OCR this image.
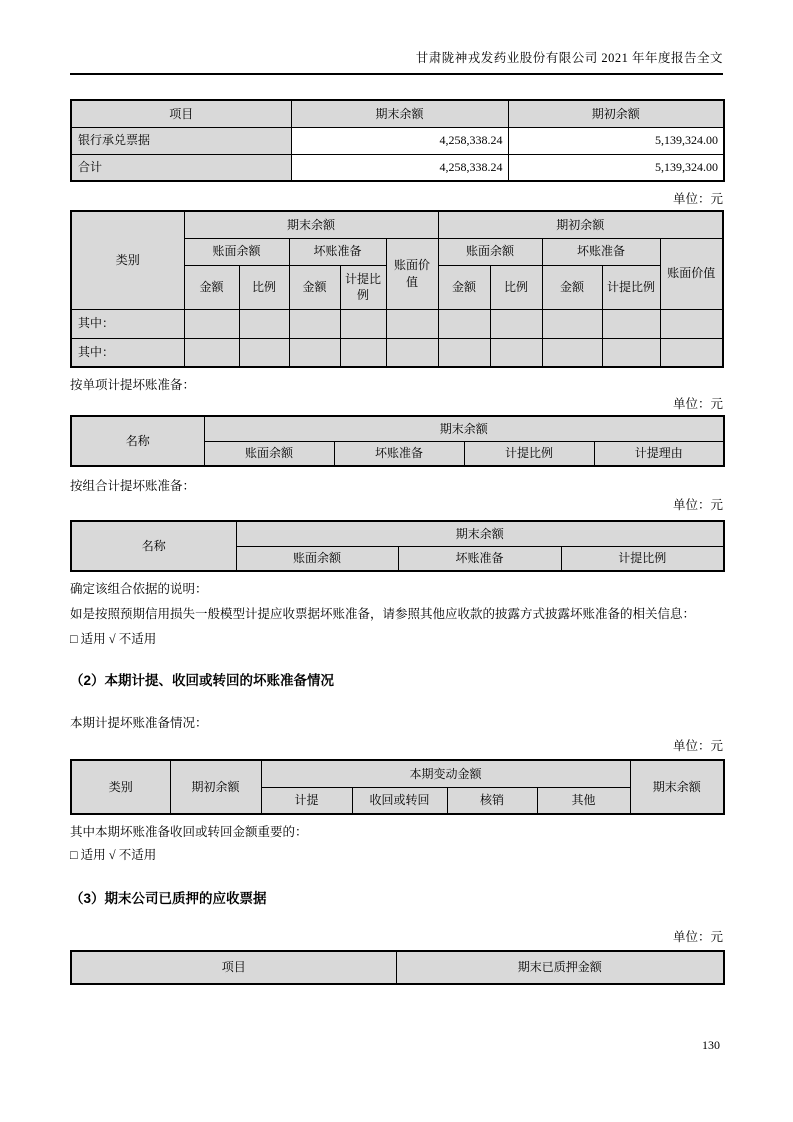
甘肃陇神戎发药业股份有限公司 2021 年年度报告全文
项目	期末余额	期初余额
银行承兑票据	4,258,338.24	5,139,324.00
合计	4,258,338.24	5,139,324.00
单位：元
类别	期末余额					期初余额				
	账面余额		坏账准备		账面价值	账面余额		坏账准备		账面价值
	金额	比例	金额	计提比例		金额	比例	金额	计提比例	
其中：										
其中：										
按单项计提坏账准备：
单位：元
名称	期末余额			
	账面余额	坏账准备	计提比例	计提理由
按组合计提坏账准备：
单位：元
名称	期末余额		
	账面余额	坏账准备	计提比例
确定该组合依据的说明：
如是按照预期信用损失一般模型计提应收票据坏账准备，请参照其他应收款的披露方式披露坏账准备的相关信息：
□ 适用 √ 不适用
（2）本期计提、收回或转回的坏账准备情况
本期计提坏账准备情况：
单位：元
类别	期初余额	本期变动金额				期末余额
		计提	收回或转回	核销	其他	
其中本期坏账准备收回或转回金额重要的：
□ 适用 √ 不适用
（3）期末公司已质押的应收票据
单位：元
项目	期末已质押金额
130
